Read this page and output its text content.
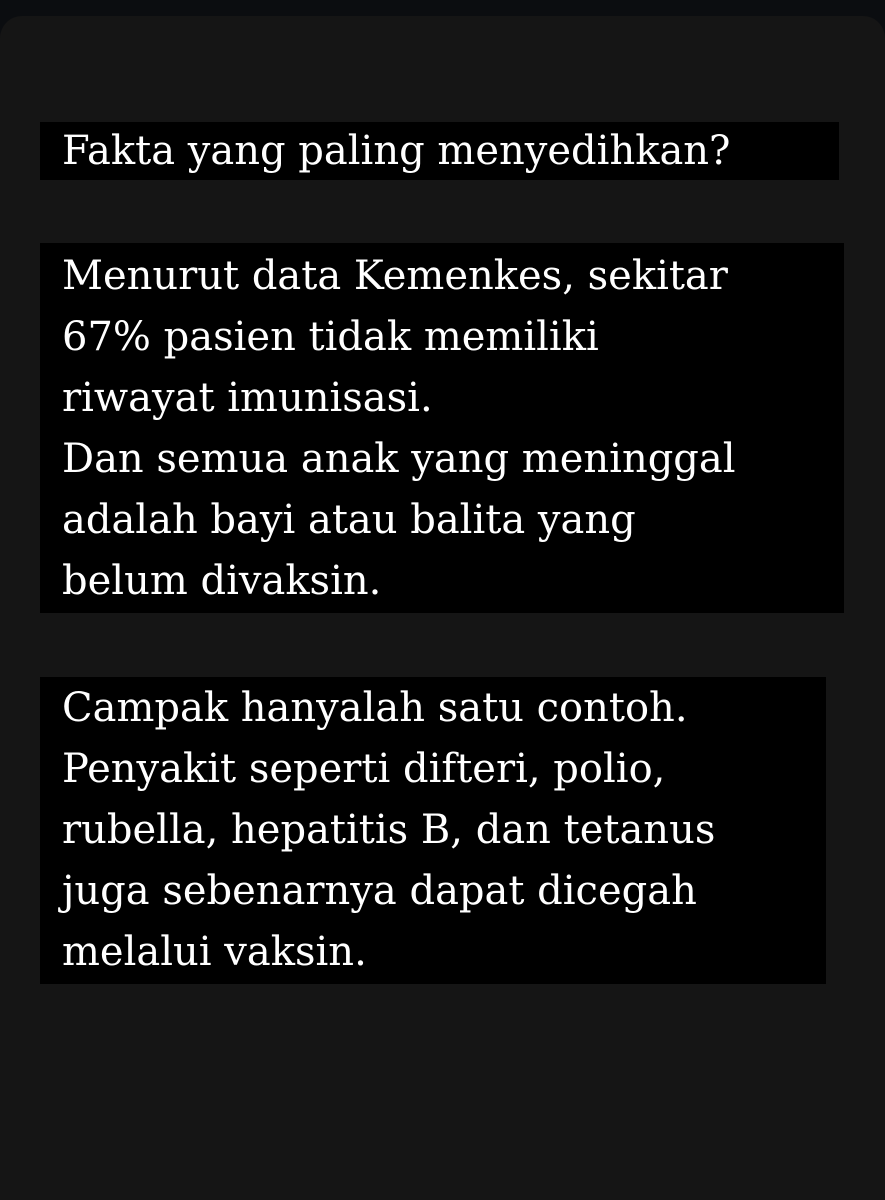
Fakta yang paling menyedihkan?
Menurut data Kemenkes, sekitar
67% pasien tidak memiliki
riwayat imunisasi.
Dan semua anak yang meninggal
adalah bayi atau balita yang
belum divaksin.
Campak hanyalah satu contoh.
Penyakit seperti difteri, polio,
rubella, hepatitis B, dan tetanus
juga sebenarnya dapat dicegah
melalui vaksin.
